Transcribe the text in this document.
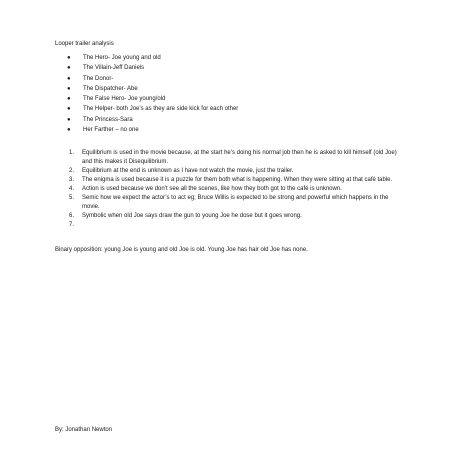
Looper trailer analysis
● The Hero- Joe young and old
● The Villain-Jeff Daniels
● The Donor-
● The Dispatcher- Abe
● The False Hero- Joe young/old
● The Helper- both Joe’s as they are side kick for each other
● The Princess-Sara
● Her Farther – no one
1. Equilibrium is used in the movie because, at the start he’s doing his normal job then he is asked to kill himself (old Joe) and this makes it Disequilibrium.
2. Equilibrium at the end is unknown as I have not watch the movie, just the trailer.
3. The enigma is used because it is a puzzle for them both what is happening. When they were sitting at that café table.
4. Action is used because we don’t see all the scenes, like how they both got to the café is unknown.
5. Semic how we expect the actor’s to act eg; Bruce Willis is expected to be strong and powerful which happens in the movie.
6. Symbolic when old Joe says draw the gun to young Joe he dose but it goes wrong.
7.

Binary opposition: young Joe is young and old Joe is old. Young Joe has hair old Joe has none.
By: Jonathan Newton
